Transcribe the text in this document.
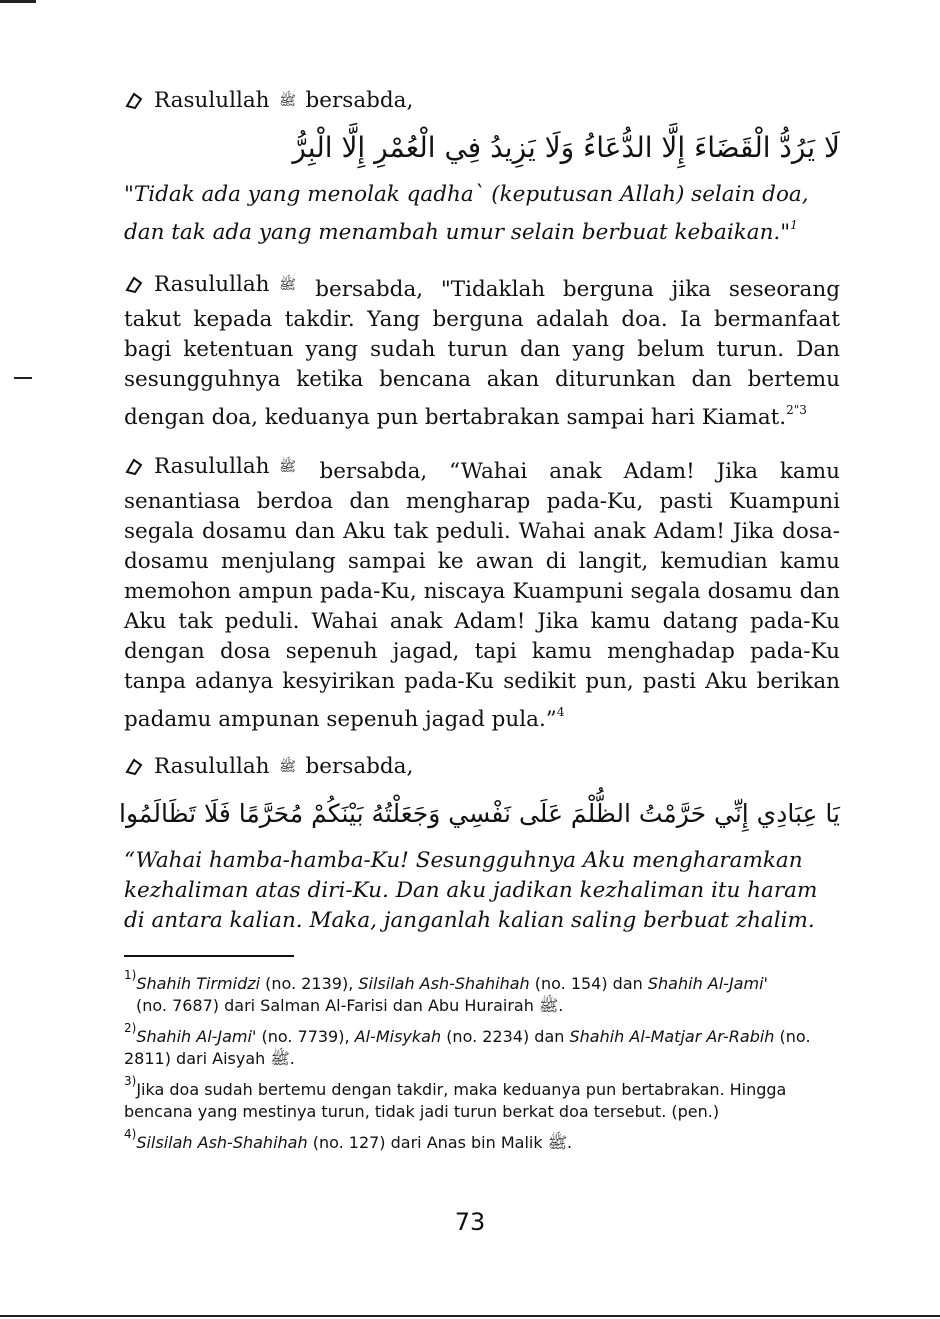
Rasulullah ﷺ bersabda,
لَا يَرُدُّ الْقَضَاءَ إِلَّا الدُّعَاءُ وَلَا يَزِيدُ فِي الْعُمْرِ إِلَّا الْبِرُّ
"Tidak ada yang menolak qadha` (keputusan Allah) selain doa, dan tak ada yang menambah umur selain berbuat kebaikan."$^1$
Rasulullah ﷺ bersabda, "Tidaklah berguna jika seseorang takut kepada takdir. Yang berguna adalah doa. Ia bermanfaat bagi ketentuan yang sudah turun dan yang belum turun. Dan sesungguhnya ketika bencana akan diturunkan dan bertemu dengan doa, keduanya pun bertabrakan sampai hari Kiamat.$^{2"3}$
Rasulullah ﷺ bersabda, “Wahai anak Adam! Jika kamu senantiasa berdoa dan mengharap pada-Ku, pasti Kuampuni segala dosamu dan Aku tak peduli. Wahai anak Adam! Jika dosa-dosamu menjulang sampai ke awan di langit, kemudian kamu memohon ampun pada-Ku, niscaya Kuampuni segala dosamu dan Aku tak peduli. Wahai anak Adam! Jika kamu datang pada-Ku dengan dosa sepenuh jagad, tapi kamu menghadap pada-Ku tanpa adanya kesyirikan pada-Ku sedikit pun, pasti Aku berikan padamu ampunan sepenuh jagad pula.”$^4$
Rasulullah ﷺ bersabda,
يَا عِبَادِي إِنِّي حَرَّمْتُ الظُّلْمَ عَلَى نَفْسِي وَجَعَلْتُهُ بَيْنَكُمْ مُحَرَّمًا فَلَا تَظَالَمُوا
“Wahai hamba-hamba-Ku! Sesungguhnya Aku mengharamkan kezhaliman atas diri-Ku. Dan aku jadikan kezhaliman itu haram di antara kalian. Maka, janganlah kalian saling berbuat zhalim.
$^{1)}$Shahih Tirmidzi (no. 2139), Silsilah Ash-Shahihah (no. 154) dan Shahih Al-Jami'
(no. 7687) dari Salman Al-Farisi dan Abu Hurairah ﷺ.
$^{2)}$Shahih Al-Jami' (no. 7739), Al-Misykah (no. 2234) dan Shahih Al-Matjar Ar-Rabih (no. 2811) dari Aisyah ﷺ.
$^{3)}$Jika doa sudah bertemu dengan takdir, maka keduanya pun bertabrakan. Hingga bencana yang mestinya turun, tidak jadi turun berkat doa tersebut. (pen.)
$^{4)}$Silsilah Ash-Shahihah (no. 127) dari Anas bin Malik ﷺ.
73
